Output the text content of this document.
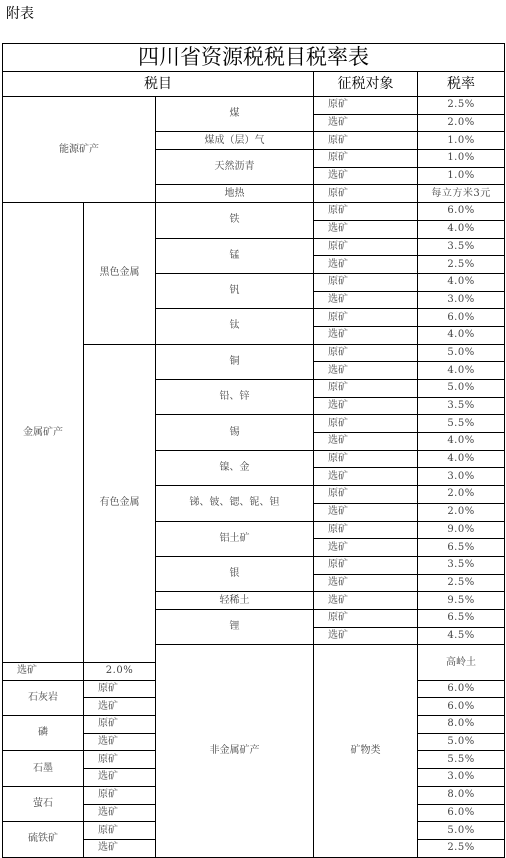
附表
四川省资源税税目税率表					
税目			征税对象	税率	
能源矿产		煤	原矿	2.5%	
			选矿	2.0%	
		煤成（层）气	原矿	1.0%	
		天然沥青	原矿	1.0%	
			选矿	1.0%	
		地热	原矿	每立方米3元	
金属矿产	黑色金属	铁	原矿	6.0%	
			选矿	4.0%	
		锰	原矿	3.5%	
			选矿	2.5%	
		钒	原矿	4.0%	
			选矿	3.0%	
		钛	原矿	6.0%	
			选矿	4.0%	
	有色金属	铜	原矿	5.0%	
			选矿	4.0%	
		铅、锌	原矿	5.0%	
			选矿	3.5%	
		锡	原矿	5.5%	
			选矿	4.0%	
		镍、金	原矿	4.0%	
			选矿	3.0%	
		锑、铍、锶、铌、钽	原矿	2.0%	
			选矿	2.0%	
		铝土矿	原矿	9.0%	
			选矿	6.5%	
		银	原矿	3.5%	
			选矿	2.5%	
		轻稀土	选矿	9.5%	
		锂	原矿	6.5%	
			选矿	4.5%	
		非金属矿产	矿物类	高岭土		
选矿	2.0%				
石灰岩	原矿			6.0%	
	选矿			6.0%	
磷	原矿			8.0%	
	选矿			5.0%	
石墨	原矿			5.5%	
	选矿			3.0%	
萤石	原矿			8.0%	
	选矿			6.0%	
硫铁矿	原矿			5.0%	
	选矿			2.5%	
